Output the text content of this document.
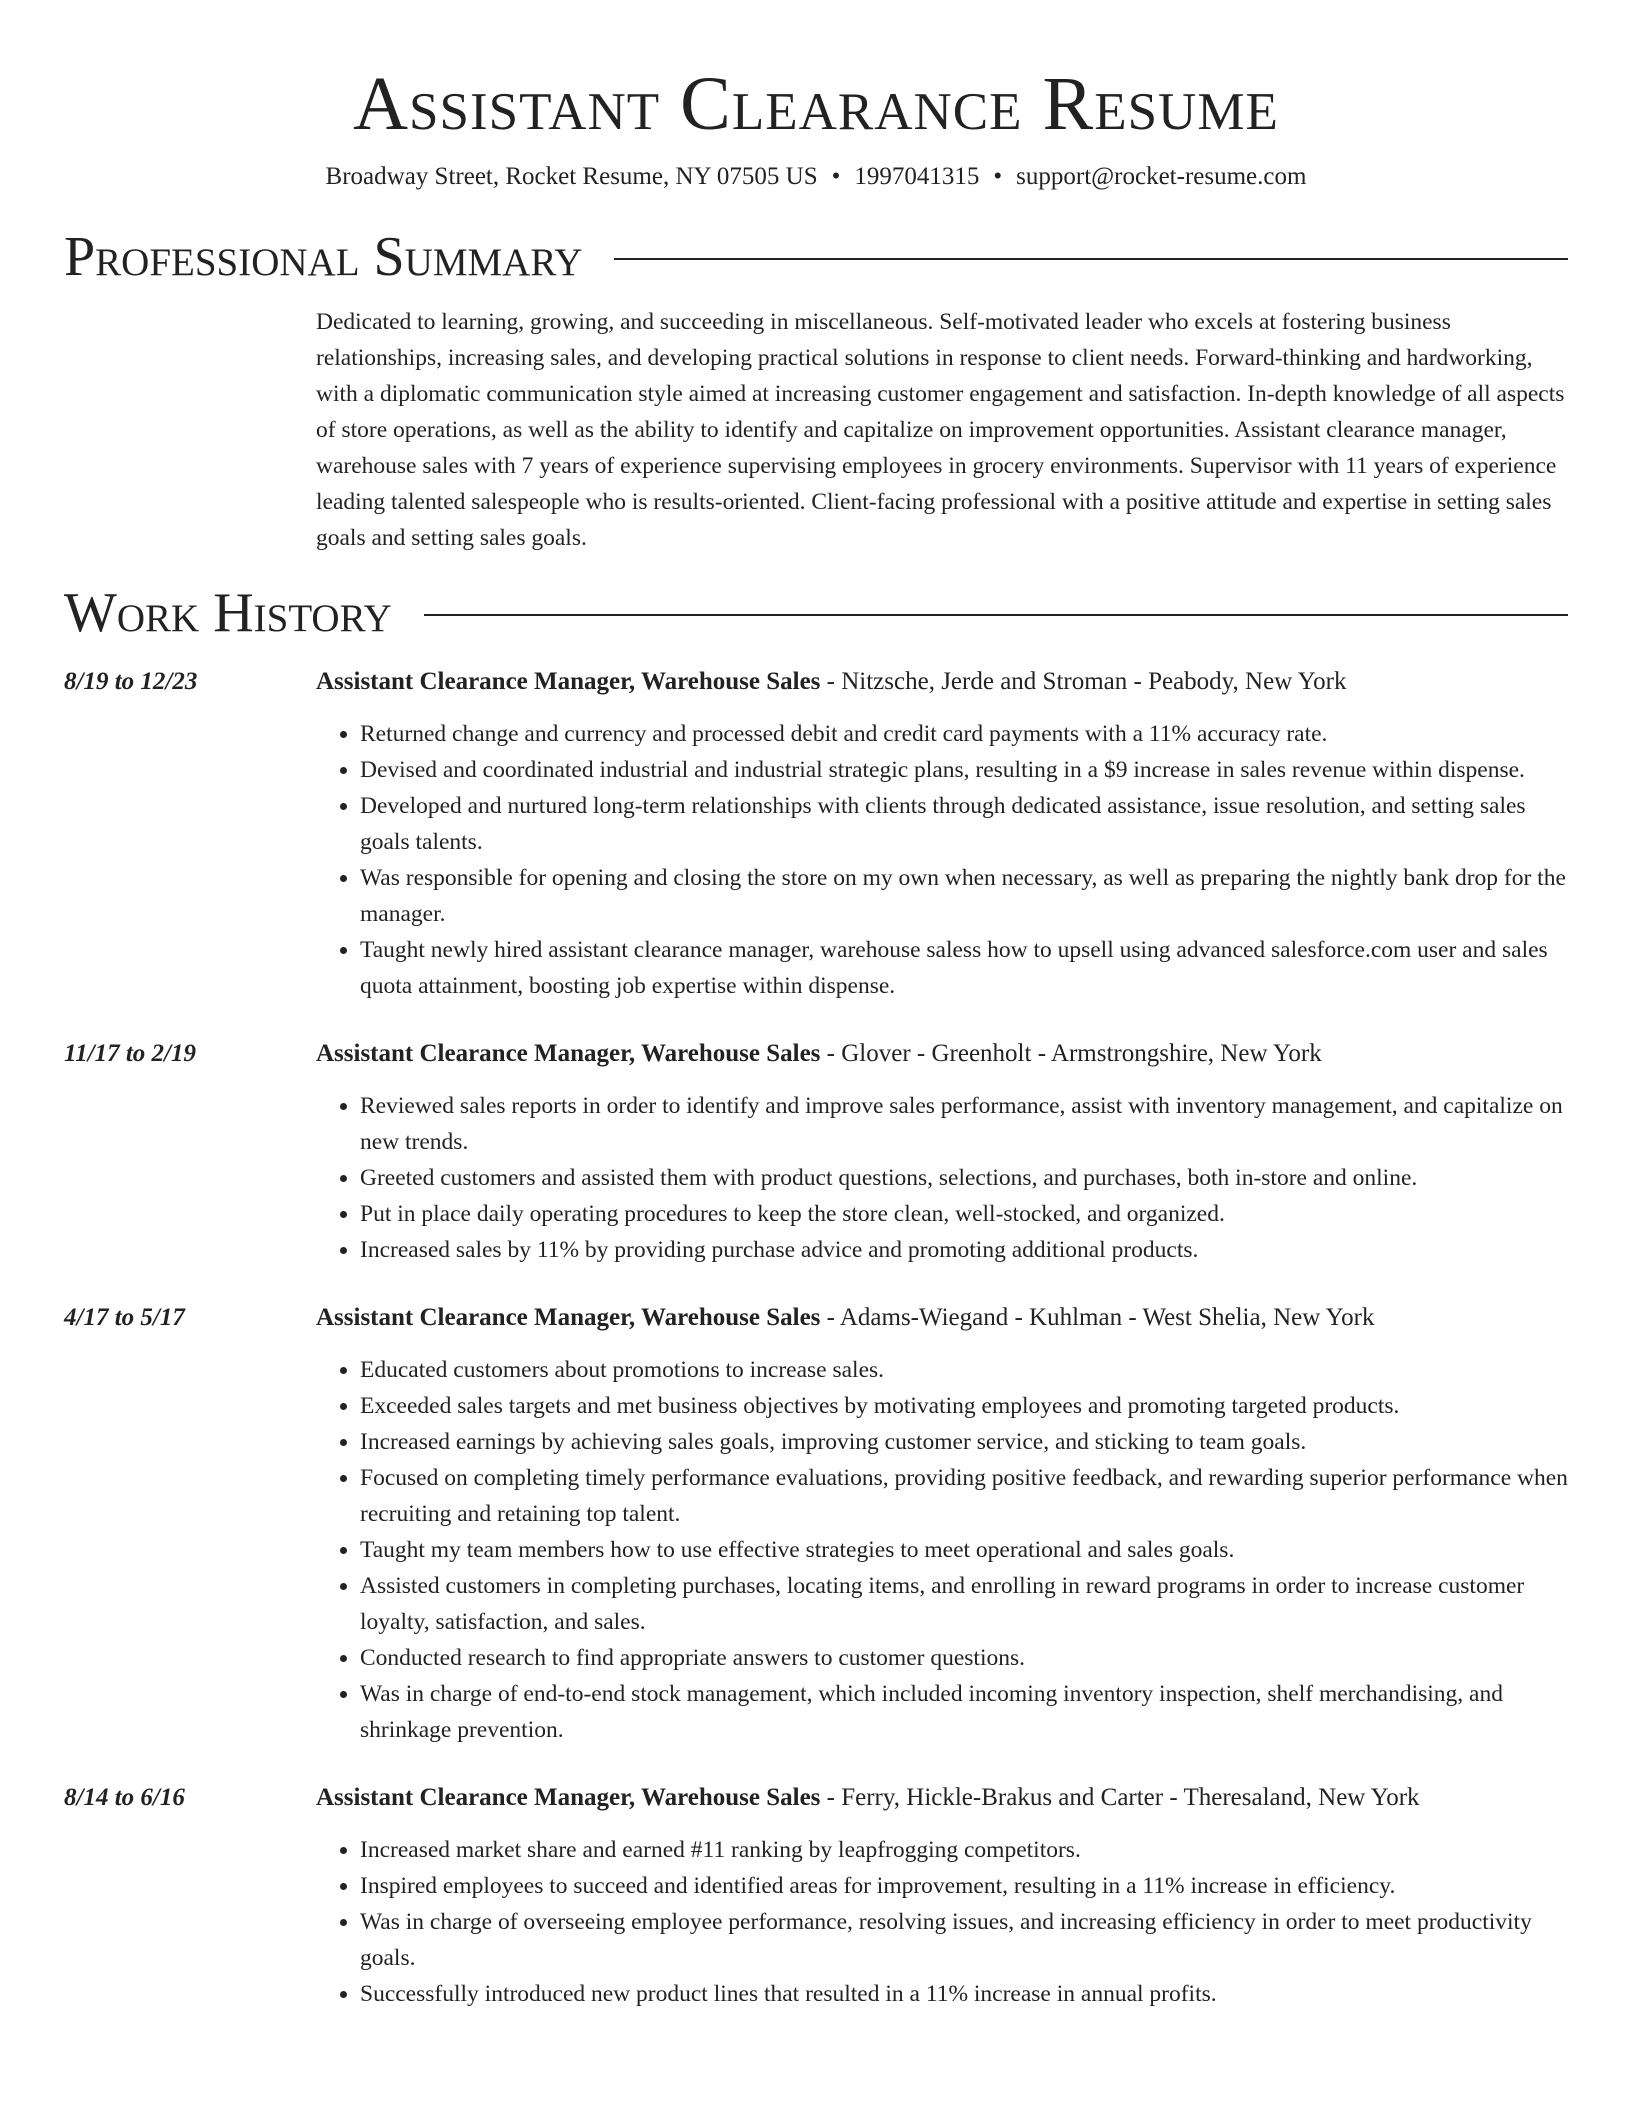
Assistant Clearance Resume
Broadway Street, Rocket Resume, NY 07505 US • 1997041315 • support@rocket-resume.com
Professional Summary

Dedicated to learning, growing, and succeeding in miscellaneous. Self-motivated leader who excels at fostering business relationships, increasing sales, and developing practical solutions in response to client needs. Forward-thinking and hardworking, with a diplomatic communication style aimed at increasing customer engagement and satisfaction. In-depth knowledge of all aspects of store operations, as well as the ability to identify and capitalize on improvement opportunities. Assistant clearance manager, warehouse sales with 7 years of experience supervising employees in grocery environments. Supervisor with 11 years of experience leading talented salespeople who is results-oriented. Client-facing professional with a positive attitude and expertise in setting sales goals and setting sales goals.

Work History
8/19 to 12/23	Assistant Clearance Manager, Warehouse Sales - Nitzsche, Jerde and Stroman - Peabody, New York
• Returned change and currency and processed debit and credit card payments with a 11% accuracy rate.
• Devised and coordinated industrial and industrial strategic plans, resulting in a $9 increase in sales revenue within dispense.
• Developed and nurtured long-term relationships with clients through dedicated assistance, issue resolution, and setting sales goals talents.
• Was responsible for opening and closing the store on my own when necessary, as well as preparing the nightly bank drop for the manager.
• Taught newly hired assistant clearance manager, warehouse saless how to upsell using advanced salesforce.com user and sales quota attainment, boosting job expertise within dispense.
11/17 to 2/19	Assistant Clearance Manager, Warehouse Sales - Glover - Greenholt - Armstrongshire, New York
• Reviewed sales reports in order to identify and improve sales performance, assist with inventory management, and capitalize on new trends.
• Greeted customers and assisted them with product questions, selections, and purchases, both in-store and online.
• Put in place daily operating procedures to keep the store clean, well-stocked, and organized.
• Increased sales by 11% by providing purchase advice and promoting additional products.
4/17 to 5/17	Assistant Clearance Manager, Warehouse Sales - Adams-Wiegand - Kuhlman - West Shelia, New York
• Educated customers about promotions to increase sales.
• Exceeded sales targets and met business objectives by motivating employees and promoting targeted products.
• Increased earnings by achieving sales goals, improving customer service, and sticking to team goals.
• Focused on completing timely performance evaluations, providing positive feedback, and rewarding superior performance when recruiting and retaining top talent.
• Taught my team members how to use effective strategies to meet operational and sales goals.
• Assisted customers in completing purchases, locating items, and enrolling in reward programs in order to increase customer loyalty, satisfaction, and sales.
• Conducted research to find appropriate answers to customer questions.
• Was in charge of end-to-end stock management, which included incoming inventory inspection, shelf merchandising, and shrinkage prevention.
8/14 to 6/16	Assistant Clearance Manager, Warehouse Sales - Ferry, Hickle-Brakus and Carter - Theresaland, New York
• Increased market share and earned #11 ranking by leapfrogging competitors.
• Inspired employees to succeed and identified areas for improvement, resulting in a 11% increase in efficiency.
• Was in charge of overseeing employee performance, resolving issues, and increasing efficiency in order to meet productivity goals.
• Successfully introduced new product lines that resulted in a 11% increase in annual profits.
